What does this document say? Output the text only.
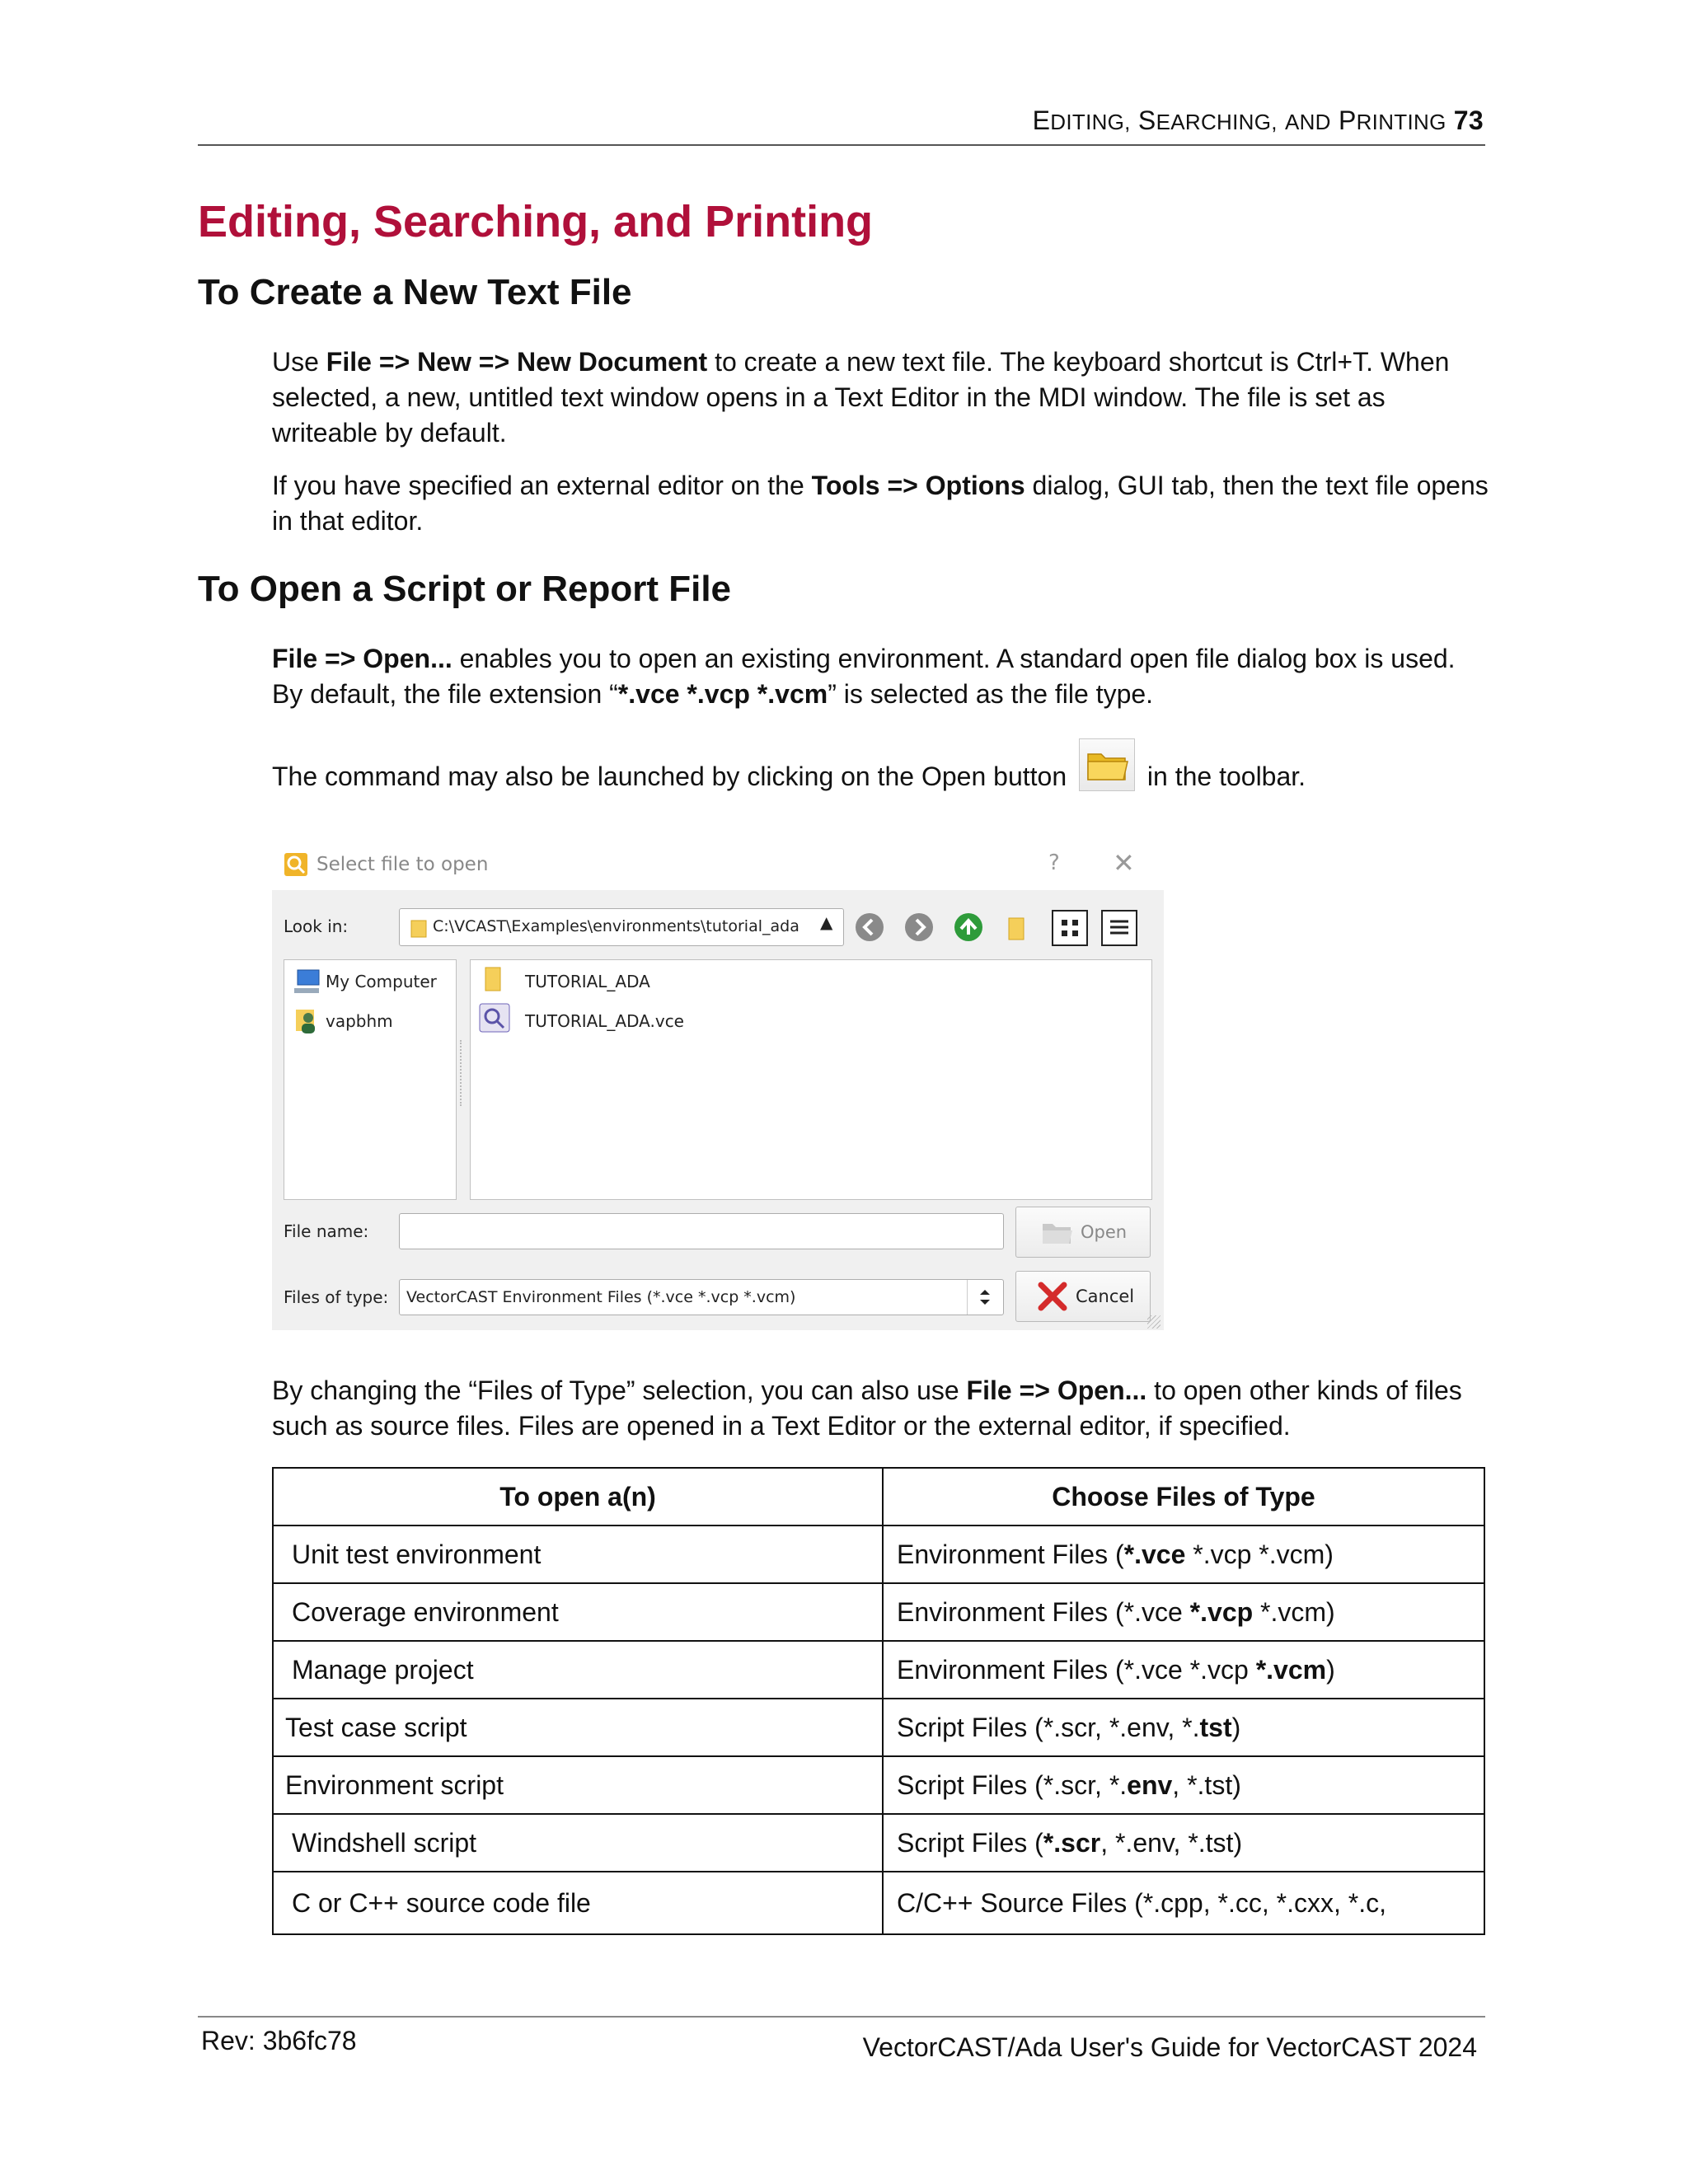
EDITING, SEARCHING, AND PRINTING 73
Editing, Searching, and Printing
To Create a New Text File

Use File => New => New Document to create a new text file. The keyboard shortcut is Ctrl+T. When selected, a new, untitled text window opens in a Text Editor in the MDI window. The file is set as writeable by default.

If you have specified an external editor on the Tools => Options dialog, GUI tab, then the text file opens in that editor.

To Open a Script or Report File

File => Open... enables you to open an existing environment. A standard open file dialog box is used. By default, the file extension “*.vce *.vcp *.vcm” is selected as the file type.

The command may also be launched by clicking on the Open button	in the toolbar.

Select file to open	? ✕
Look in:	C:\VCAST\Examples\environments\tutorial_ada ▲

My Computer
vapbhm
TUTORIAL_ADA
TUTORIAL_ADA.vce
File name:	Open
Files of type: VectorCAST Environment Files (*.vce *.vcp *.vcm)	Cancel

By changing the “Files of Type” selection, you can also use File => Open... to open other kinds of files such as source files. Files are opened in a Text Editor or the external editor, if specified.

To open a(n)	Choose Files of Type
Unit test environment	Environment Files (*.vce *.vcp *.vcm)
Coverage environment	Environment Files (*.vce *.vcp *.vcm)
Manage project	Environment Files (*.vce *.vcp *.vcm)
Test case script	Script Files (*.scr, *.env, *.tst)
Environment script	Script Files (*.scr, *.env, *.tst)
Windshell script	Script Files (*.scr, *.env, *.tst)
C or C++ source code file	C/C++ Source Files (*.cpp, *.cc, *.cxx, *.c,
Rev: 3b6fc78	VectorCAST/Ada User's Guide for VectorCAST 2024
